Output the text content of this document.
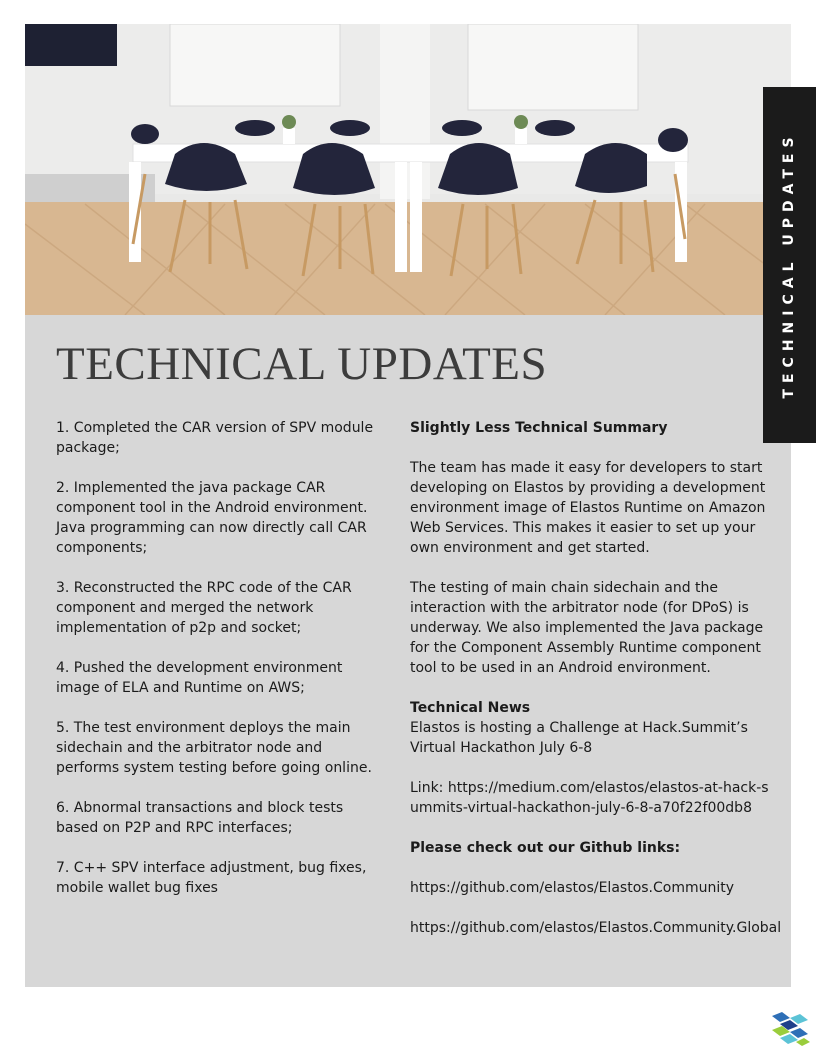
TECHNICAL UPDATES

1. Completed the CAR version of SPV module package;

2. Implemented the java package CAR component tool in the Android environment. Java programming can now directly call CAR components;

3. Reconstructed the RPC code of the CAR component and merged the network implementation of p2p and socket;

4. Pushed the development environment image of ELA and Runtime on AWS;

5. The test environment deploys the main sidechain and the arbitrator node and performs system testing before going online.

6. Abnormal transactions and block tests based on P2P and RPC interfaces;

7. C++ SPV interface adjustment, bug fixes, mobile wallet bug fixes

Slightly Less Technical Summary

The team has made it easy for developers to start developing on Elastos by providing a development environment image of Elastos Runtime on Amazon Web Services. This makes it easier to set up your own environment and get started.

The testing of main chain sidechain and the interaction with the arbitrator node (for DPoS) is underway. We also implemented the Java package for the Component Assembly Runtime component tool to be used in an Android environment.

Technical News

Elastos is hosting a Challenge at Hack.Summit’s Virtual Hackathon July 6-8

Link: https://medium.com/elastos/elastos-at-hack-summits-virtual-hackathon-july-6-8-a70f22f00db8

Please check out our Github links:

https://github.com/elastos/Elastos.Community

https://github.com/elastos/Elastos.Community.Global

TECHNICAL UPDATES
